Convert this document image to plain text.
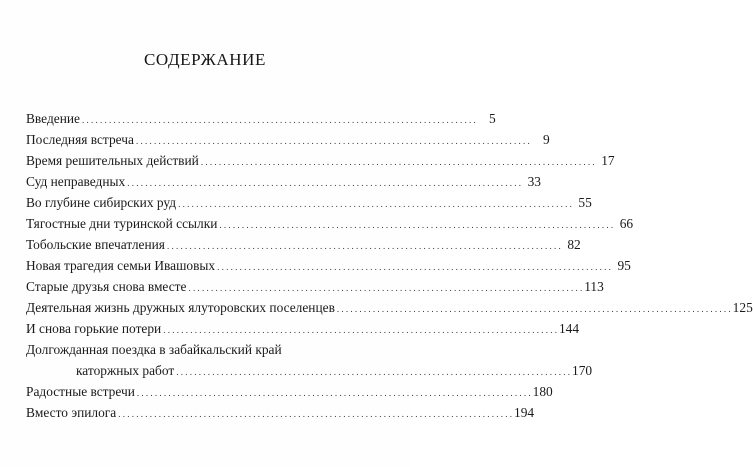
СОДЕРЖАНИЕ
Введение . . .	5
Последняя встреча . . .	9
Время решительных действий . . .	17
Суд неправедных . . .	33
Во глубине сибирских руд . . .	55
Тягостные дни туринской ссылки . . .	66
Тобольские впечатления . . .	82
Новая трагедия семьи Ивашовых . . .	95
Старые друзья снова вместе . . .	113
Деятельная жизнь дружных ялуторовских поселенцев . . .	125
И снова горькие потери . . .	144
Долгожданная поездка в забайкальский край
каторжных работ . . .	170
Радостные встречи . . .	180
Вместо эпилога . . .	194
